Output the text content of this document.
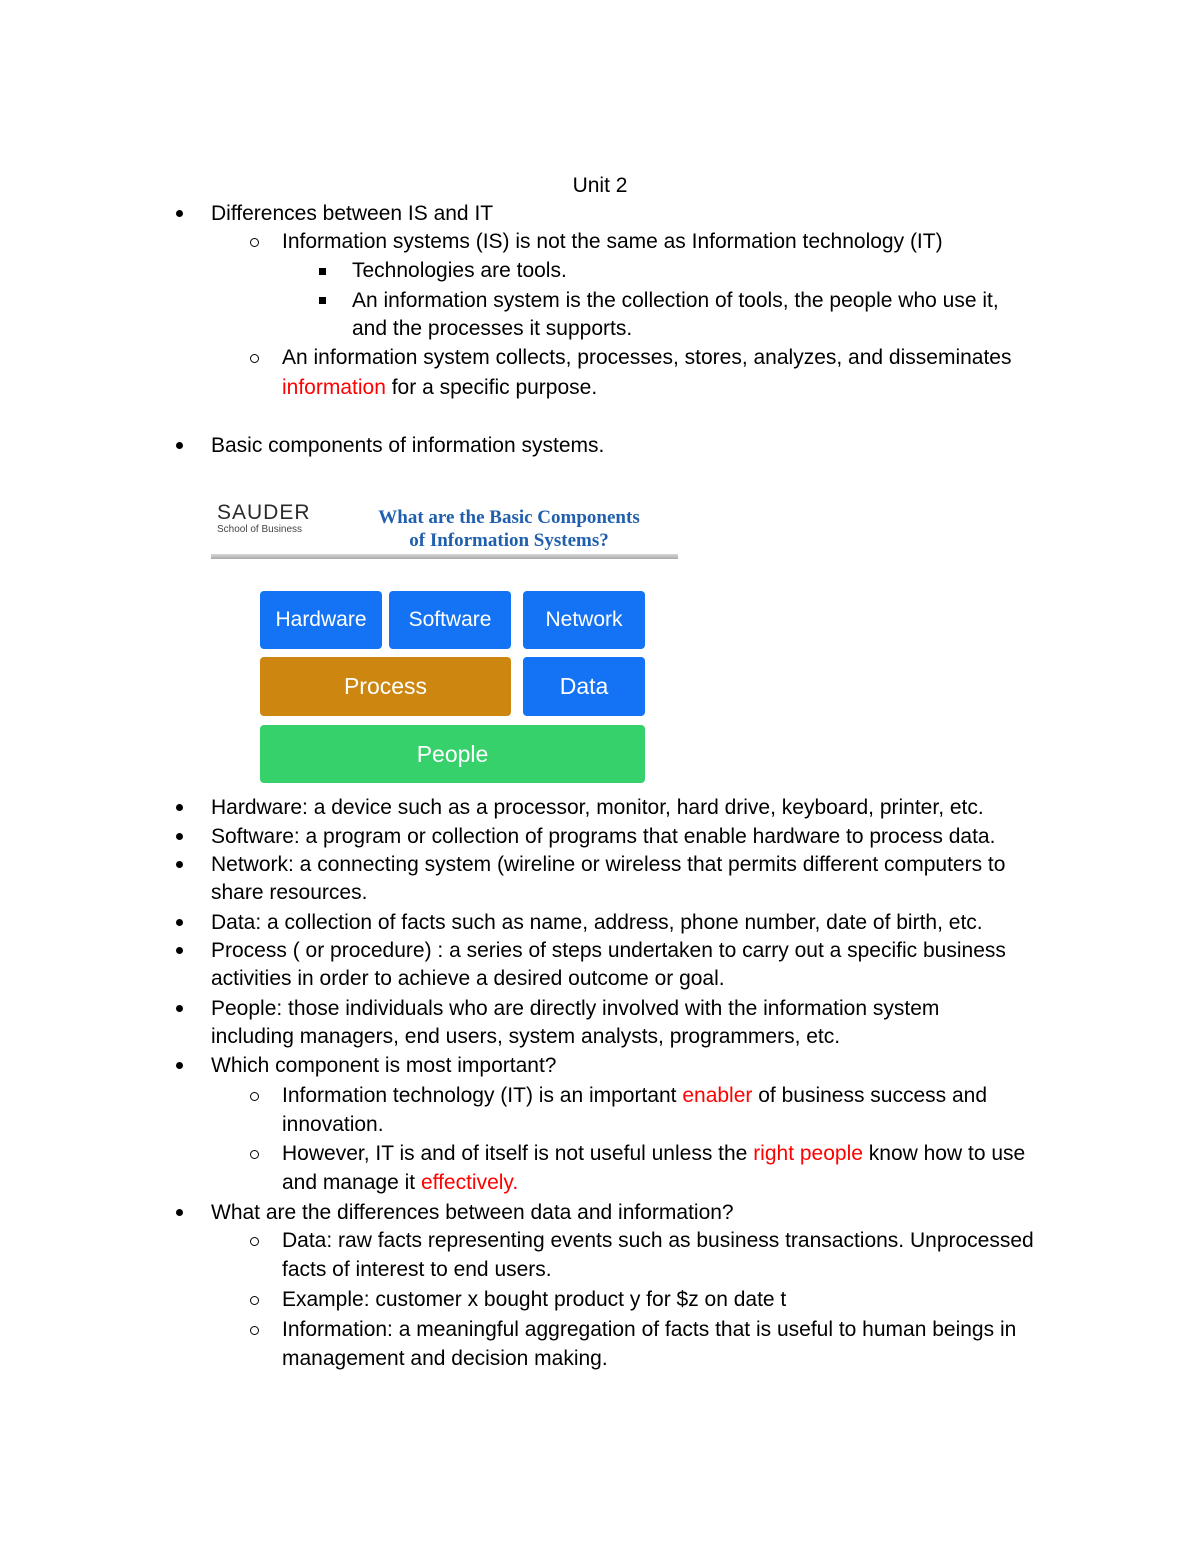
Unit 2
Differences between IS and IT
Information systems (IS) is not the same as Information technology (IT)
Technologies are tools.
An information system is the collection of tools, the people who use it,
and the processes it supports.
An information system collects, processes, stores, analyzes, and disseminates
information for a specific purpose.
Basic components of information systems.
SAUDER
School of Business
What are the Basic Components
of Information Systems?
Hardware	Software	Network
Process	Data
People
Hardware: a device such as a processor, monitor, hard drive, keyboard, printer, etc.
Software: a program or collection of programs that enable hardware to process data.
Network: a connecting system (wireline or wireless that permits different computers to
share resources.
Data: a collection of facts such as name, address, phone number, date of birth, etc.
Process ( or procedure) : a series of steps undertaken to carry out a specific business
activities in order to achieve a desired outcome or goal.
People: those individuals who are directly involved with the information system
including managers, end users, system analysts, programmers, etc.
Which component is most important?
Information technology (IT) is an important enabler of business success and
innovation.
However, IT is and of itself is not useful unless the right people know how to use
and manage it effectively.
What are the differences between data and information?
Data: raw facts representing events such as business transactions. Unprocessed
facts of interest to end users.
Example: customer x bought product y for $z on date t
Information: a meaningful aggregation of facts that is useful to human beings in
management and decision making.
